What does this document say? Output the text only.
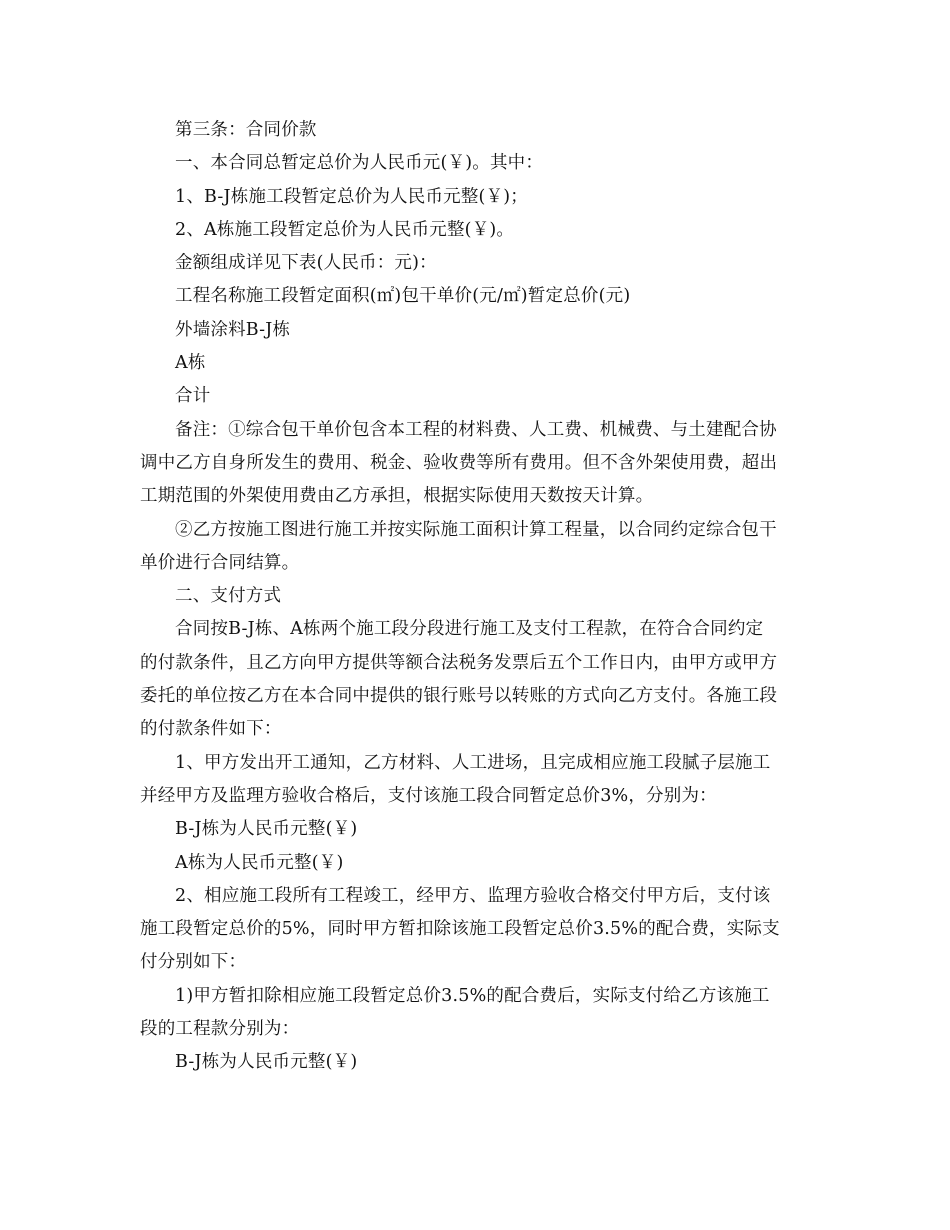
第三条：合同价款
一、本合同总暂定总价为人民币元(￥)。其中：
1、B-J栋施工段暂定总价为人民币元整(￥)；
2、A栋施工段暂定总价为人民币元整(￥)。
金额组成详见下表(人民币：元)：
工程名称施工段暂定面积(㎡)包干单价(元/㎡)暂定总价(元)
外墙涂料B-J栋
A栋
合计
备注：①综合包干单价包含本工程的材料费、人工费、机械费、与土建配合协
调中乙方自身所发生的费用、税金、验收费等所有费用。但不含外架使用费，超出
工期范围的外架使用费由乙方承担，根据实际使用天数按天计算。
②乙方按施工图进行施工并按实际施工面积计算工程量，以合同约定综合包干
单价进行合同结算。
二、支付方式
合同按B-J栋、A栋两个施工段分段进行施工及支付工程款，在符合合同约定
的付款条件，且乙方向甲方提供等额合法税务发票后五个工作日内，由甲方或甲方
委托的单位按乙方在本合同中提供的银行账号以转账的方式向乙方支付。各施工段
的付款条件如下：
1、甲方发出开工通知，乙方材料、人工进场，且完成相应施工段腻子层施工
并经甲方及监理方验收合格后，支付该施工段合同暂定总价3%，分别为：
B-J栋为人民币元整(￥)
A栋为人民币元整(￥)
2、相应施工段所有工程竣工，经甲方、监理方验收合格交付甲方后，支付该
施工段暂定总价的5%，同时甲方暂扣除该施工段暂定总价3.5%的配合费，实际支
付分别如下：
1)甲方暂扣除相应施工段暂定总价3.5%的配合费后，实际支付给乙方该施工
段的工程款分别为：
B-J栋为人民币元整(￥)
